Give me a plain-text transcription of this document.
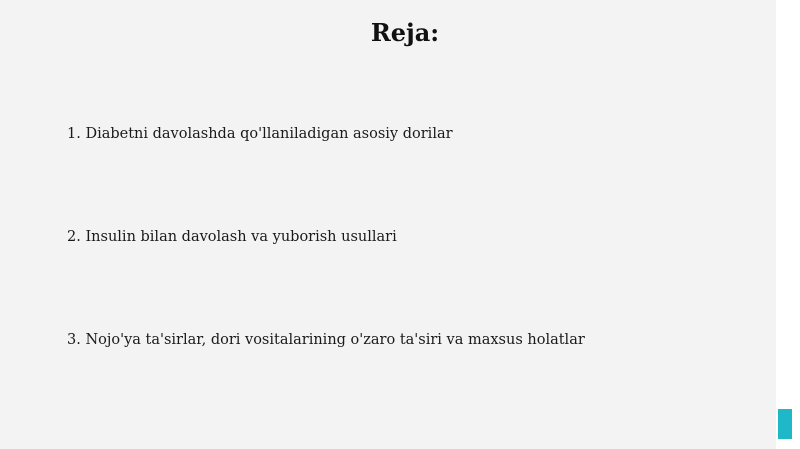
Reja:

1. Diabetni davolashda qo'llaniladigan asosiy dorilar

2. Insulin bilan davolash va yuborish usullari

3. Nojo'ya ta'sirlar, dori vositalarining o'zaro ta'siri va maxsus holatlar
